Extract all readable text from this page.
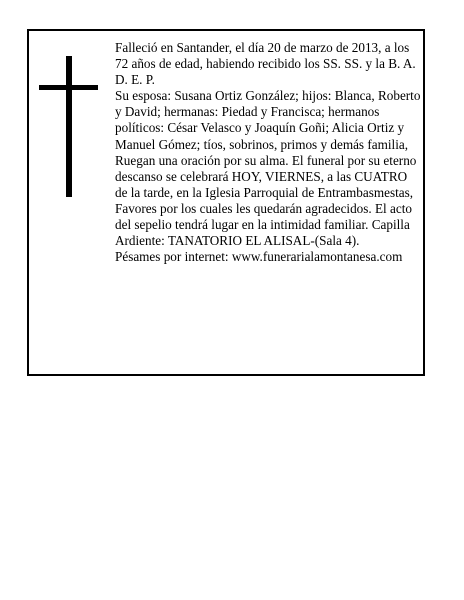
Falleció en Santander, el día 20 de marzo de 2013, a los 72 años de edad, habiendo recibido los SS. SS. y la B. A.

D. E. P.

Su esposa: Susana Ortiz González; hijos: Blanca, Roberto y David; hermanas: Piedad y Francisca; hermanos políticos: César Velasco y Joaquín Goñi; Alicia Ortiz y Manuel Gómez; tíos, sobrinos, primos y demás familia,

Ruegan una oración por su alma. El funeral por su eterno descanso se celebrará HOY, VIERNES, a las CUATRO de la tarde, en la Iglesia Parroquial de Entrambasmestas, Favores por los cuales les quedarán agradecidos. El acto del sepelio tendrá lugar en la intimidad familiar. Capilla Ardiente: TANATORIO EL ALISAL-(Sala 4).

Pésames por internet: www.funerarialamontanesa.com
